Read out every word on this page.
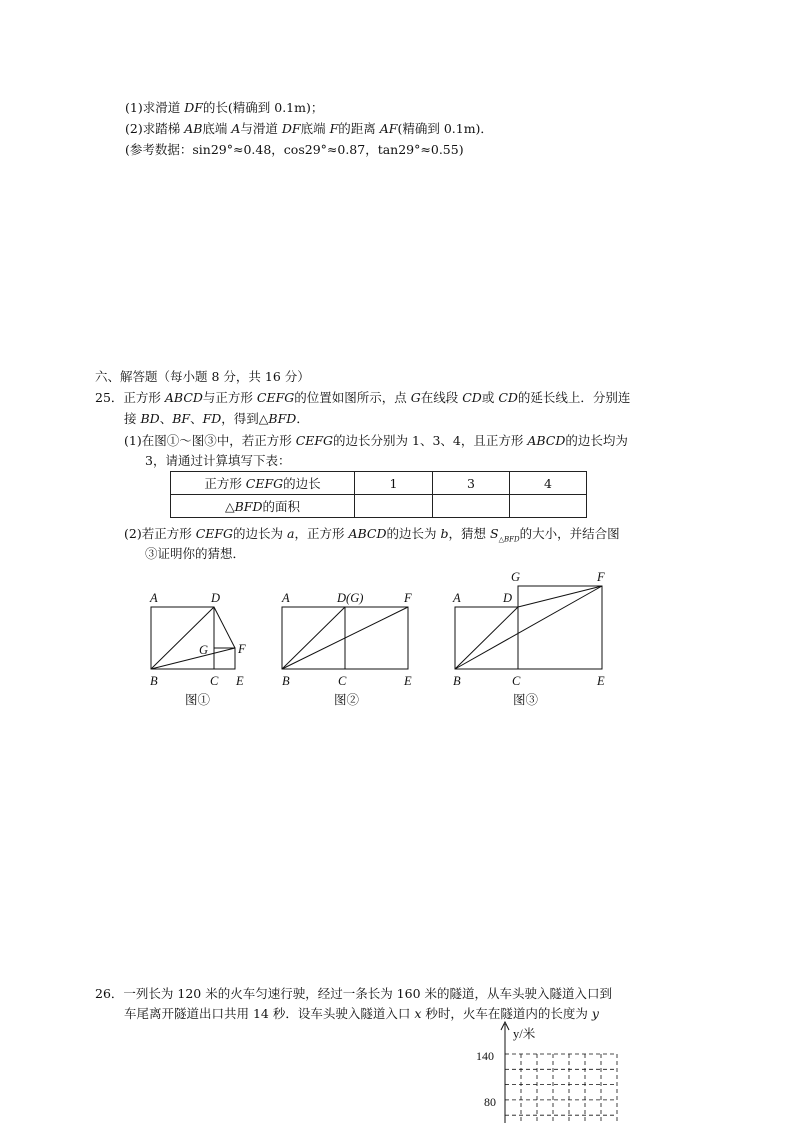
(1)求滑道 DF的长(精确到 0.1m)；
(2)求踏梯 AB底端 A与滑道 DF底端 F的距离 AF(精确到 0.1m)．
(参考数据：sin29°≈0.48，cos29°≈0.87，tan29°≈0.55)
六、解答题（每小题 8 分，共 16 分）
25．正方形 ABCD与正方形 CEFG的位置如图所示，点 G在线段 CD或 CD的延长线上．分别连
接 BD、BF、FD，得到△BFD．
(1)在图①～图③中，若正方形 CEFG的边长分别为 1、3、4，且正方形 ABCD的边长均为
3，请通过计算填写下表：
正方形 CEFG的边长	1	3	4
△BFD的面积			
(2)若正方形 CEFG的边长为 a，正方形 ABCD的边长为 b，猜想 $S_{\triangle BFD}$的大小，并结合图
③证明你的猜想．
A	D
G F
B	C E
A	D(G)	F
B	C	E
A	D
G	F
B	C	E
图①	图②	图③
26．一列长为 120 米的火车匀速行驶，经过一条长为 160 米的隧道，从车头驶入隧道入口到
车尾离开隧道出口共用 14 秒．设车头驶入隧道入口 x 秒时，火车在隧道内的长度为 y
y/米
140
80
